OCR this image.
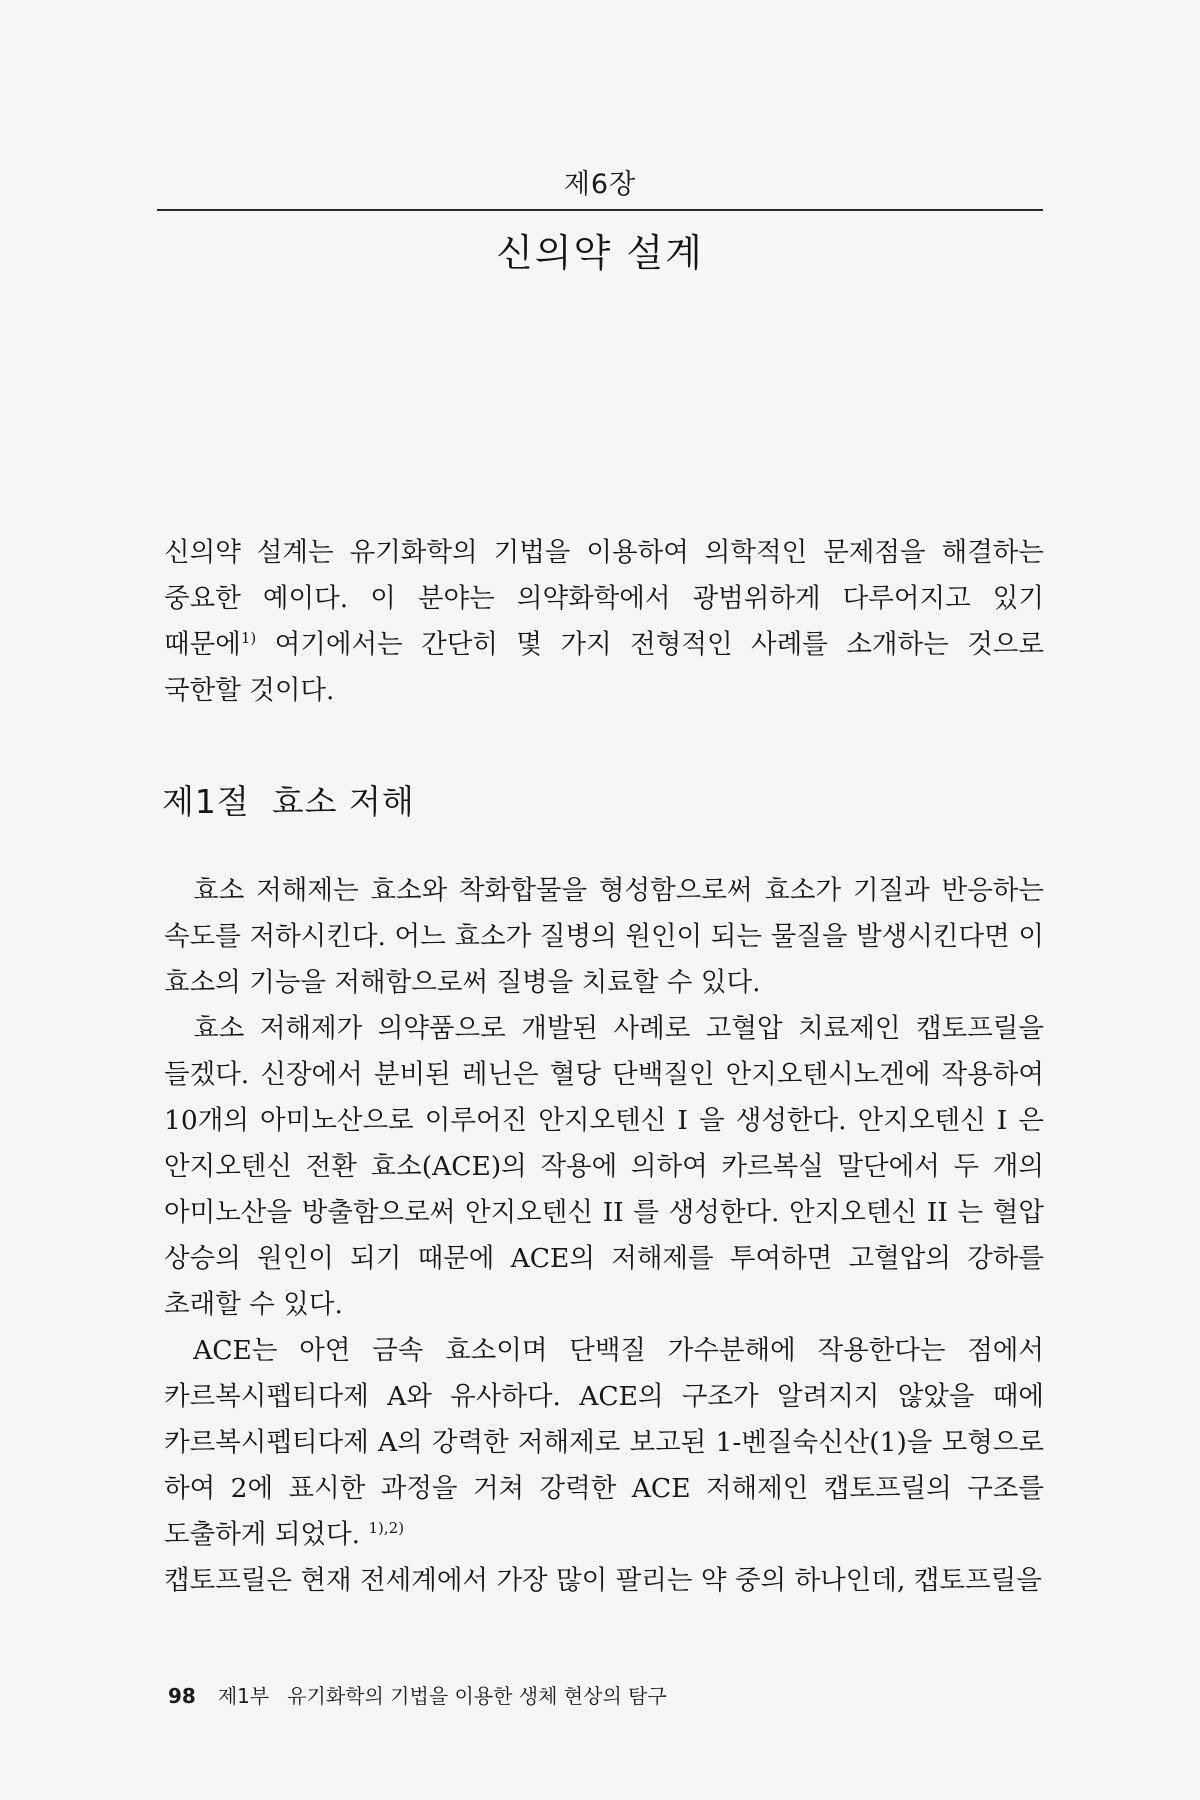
제6장
신의약 설계

신의약 설계는 유기화학의 기법을 이용하여 의학적인 문제점을 해결하는 중요한 예이다. 이 분야는 의약화학에서 광범위하게 다루어지고 있기 때문에$^{1)}$ 여기에서는 간단히 몇 가지 전형적인 사례를 소개하는 것으로 국한할 것이다.

제1절 효소 저해

효소 저해제는 효소와 착화합물을 형성함으로써 효소가 기질과 반응하는 속도를 저하시킨다. 어느 효소가 질병의 원인이 되는 물질을 발생시킨다면 이 효소의 기능을 저해함으로써 질병을 치료할 수 있다.

효소 저해제가 의약품으로 개발된 사례로 고혈압 치료제인 캡토프릴을 들겠다. 신장에서 분비된 레닌은 혈당 단백질인 안지오텐시노겐에 작용하여 10개의 아미노산으로 이루어진 안지오텐신 I 을 생성한다. 안지오텐신 I 은 안지오텐신 전환 효소(ACE)의 작용에 의하여 카르복실 말단에서 두 개의 아미노산을 방출함으로써 안지오텐신 II 를 생성한다. 안지오텐신 II 는 혈압 상승의 원인이 되기 때문에 ACE의 저해제를 투여하면 고혈압의 강하를 초래할 수 있다.

ACE는 아연 금속 효소이며 단백질 가수분해에 작용한다는 점에서 카르복시펩티다제 A와 유사하다. ACE의 구조가 알려지지 않았을 때에 카르복시펩티다제 A의 강력한 저해제로 보고된 1-벤질숙신산(1)을 모형으로 하여 2에 표시한 과정을 거쳐 강력한 ACE 저해제인 캡토프릴의 구조를 도출하게 되었다. $^{1),2)}$

캡토프릴은 현재 전세계에서 가장 많이 팔리는 약 중의 하나인데, 캡토프릴을

98 제1부 유기화학의 기법을 이용한 생체 현상의 탐구
